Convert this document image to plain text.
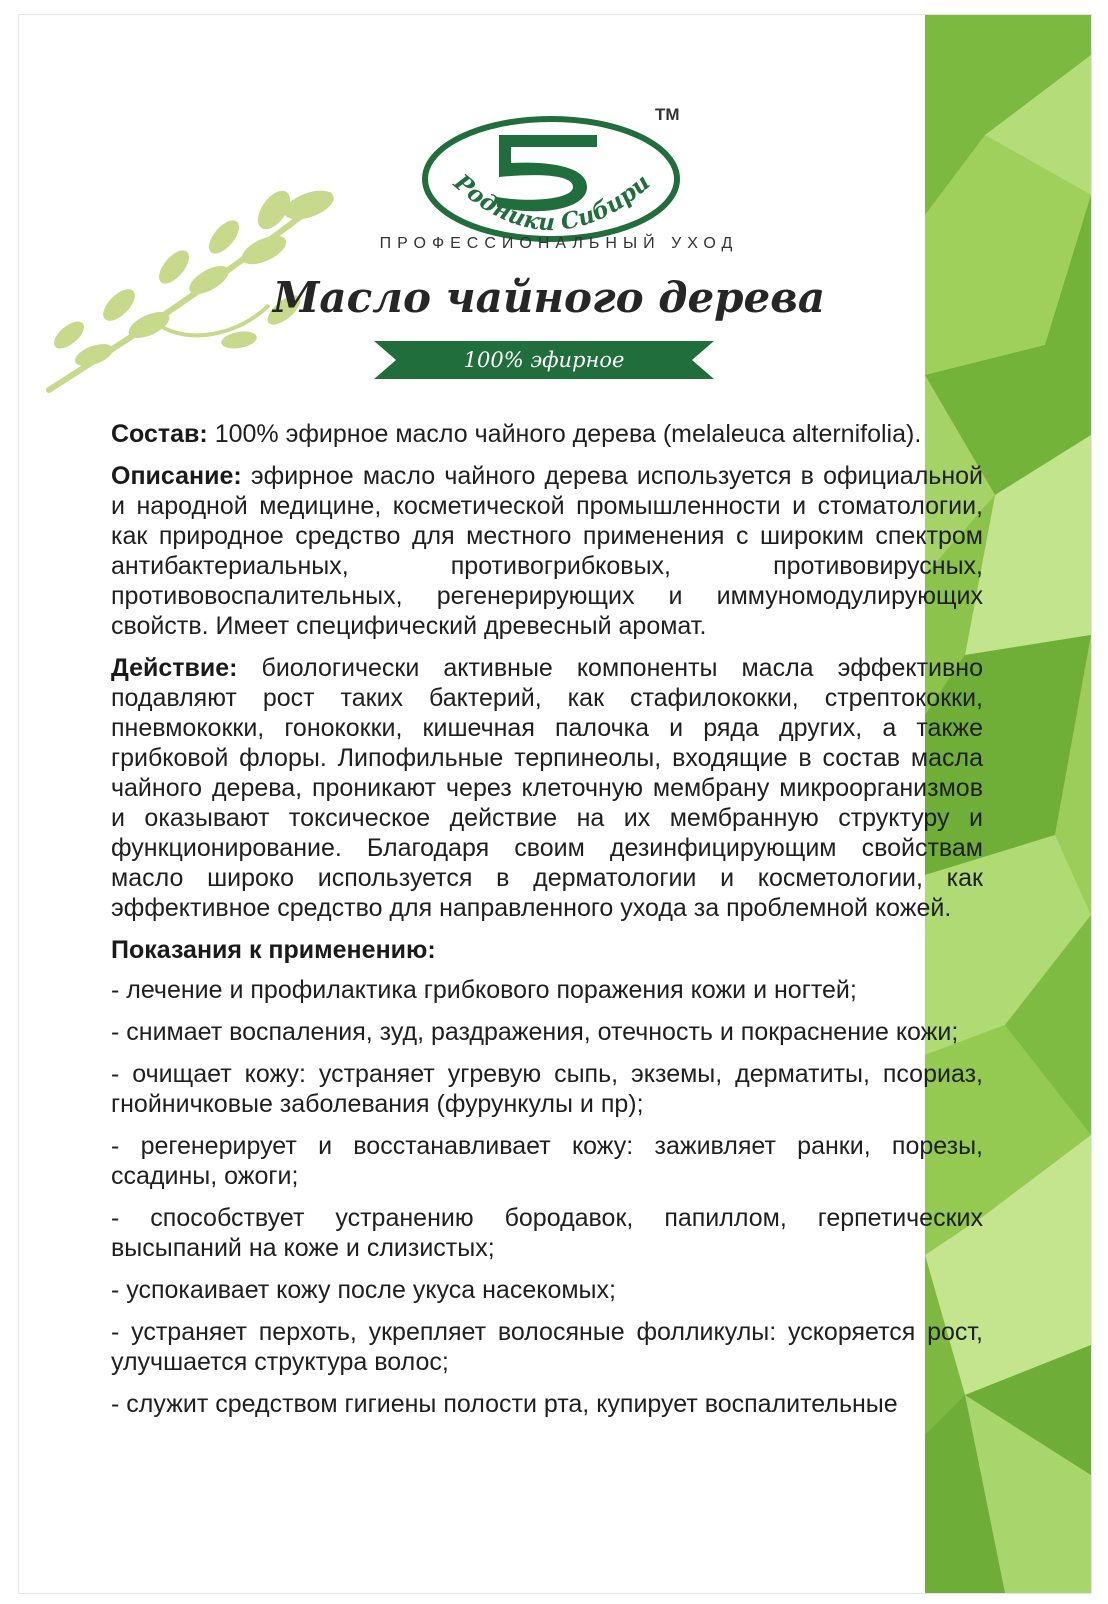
Родники Сибири
TM
ПРОФЕССИОНАЛЬНЫЙ УХОД
Масло чайного дерева
100% эфирное

Состав: 100% эфирное масло чайного дерева (melaleuca alternifolia).

Описание: эфирное масло чайного дерева используется в официальной и народной медицине, косметической промышленности и стоматологии, как природное средство для местного применения с широким спектром антибактериальных, противогрибковых, противовирусных, противовоспалительных, регенерирующих и иммуномодулирующих свойств. Имеет специфический древесный аромат.

Действие: биологически активные компоненты масла эффективно подавляют рост таких бактерий, как стафилококки, стрептококки, пневмококки, гонококки, кишечная палочка и ряда других, а также грибковой флоры. Липофильные терпинеолы, входящие в состав масла чайного дерева, проникают через клеточную мембрану микроорганизмов и оказывают токсическое действие на их мембранную структуру и функционирование. Благодаря своим дезинфицирующим свойствам масло широко используется в дерматологии и косметологии, как эффективное средство для направленного ухода за проблемной кожей.

Показания к применению:
- лечение и профилактика грибкового поражения кожи и ногтей;
- снимает воспаления, зуд, раздражения, отечность и покраснение кожи;
- очищает кожу: устраняет угревую сыпь, экземы, дерматиты, псориаз, гнойничковые заболевания (фурункулы и пр);
- регенерирует и восстанавливает кожу: заживляет ранки, порезы, ссадины, ожоги;
- способствует устранению бородавок, папиллом, герпетических высыпаний на коже и слизистых;
- успокаивает кожу после укуса насекомых;
- устраняет перхоть, укрепляет волосяные фолликулы: ускоряется рост, улучшается структура волос;
- служит средством гигиены полости рта, купирует воспалительные
